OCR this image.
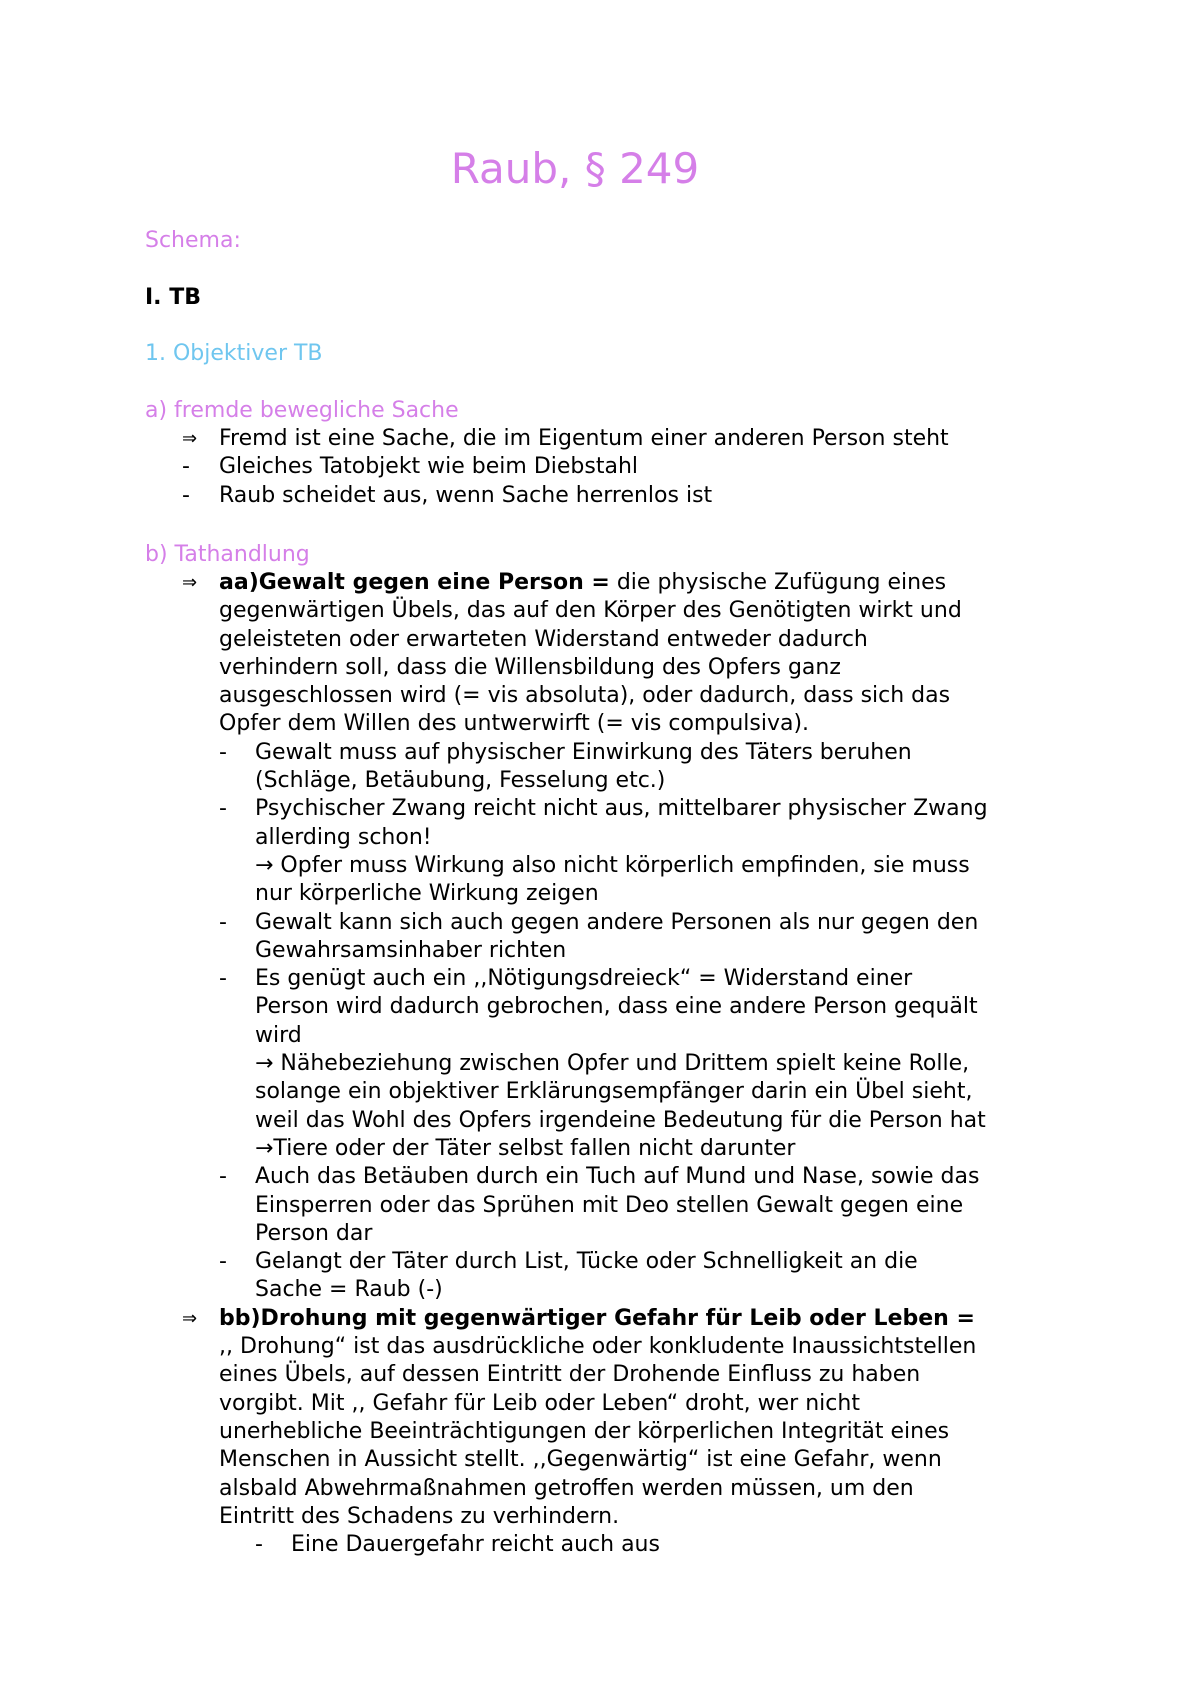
Raub, § 249
Schema:
I. TB
1. Objektiver TB
a) fremde bewegliche Sache
⇒ Fremd ist eine Sache, die im Eigentum einer anderen Person steht
-	Gleiches Tatobjekt wie beim Diebstahl
-	Raub scheidet aus, wenn Sache herrenlos ist
b) Tathandlung
⇒ aa)Gewalt gegen eine Person = die physische Zufügung eines
gegenwärtigen Übels, das auf den Körper des Genötigten wirkt und
geleisteten oder erwarteten Widerstand entweder dadurch
verhindern soll, dass die Willensbildung des Opfers ganz
ausgeschlossen wird (= vis absoluta), oder dadurch, dass sich das
Opfer dem Willen des untwerwirft (= vis compulsiva).
-	Gewalt muss auf physischer Einwirkung des Täters beruhen
(Schläge, Betäubung, Fesselung etc.)
-	Psychischer Zwang reicht nicht aus, mittelbarer physischer Zwang
allerding schon!
→ Opfer muss Wirkung also nicht körperlich empfinden, sie muss
nur körperliche Wirkung zeigen
-	Gewalt kann sich auch gegen andere Personen als nur gegen den
Gewahrsamsinhaber richten
-	Es genügt auch ein ,,Nötigungsdreieck“ = Widerstand einer
Person wird dadurch gebrochen, dass eine andere Person gequält
wird
→ Nähebeziehung zwischen Opfer und Drittem spielt keine Rolle,
solange ein objektiver Erklärungsempfänger darin ein Übel sieht,
weil das Wohl des Opfers irgendeine Bedeutung für die Person hat
→Tiere oder der Täter selbst fallen nicht darunter
-	Auch das Betäuben durch ein Tuch auf Mund und Nase, sowie das
Einsperren oder das Sprühen mit Deo stellen Gewalt gegen eine
Person dar
-	Gelangt der Täter durch List, Tücke oder Schnelligkeit an die
Sache = Raub (-)
⇒ bb)Drohung mit gegenwärtiger Gefahr für Leib oder Leben =
,, Drohung“ ist das ausdrückliche oder konkludente Inaussichtstellen
eines Übels, auf dessen Eintritt der Drohende Einfluss zu haben
vorgibt. Mit ,, Gefahr für Leib oder Leben“ droht, wer nicht
unerhebliche Beeinträchtigungen der körperlichen Integrität eines
Menschen in Aussicht stellt. ,,Gegenwärtig“ ist eine Gefahr, wenn
alsbald Abwehrmaßnahmen getroffen werden müssen, um den
Eintritt des Schadens zu verhindern.
-	Eine Dauergefahr reicht auch aus
